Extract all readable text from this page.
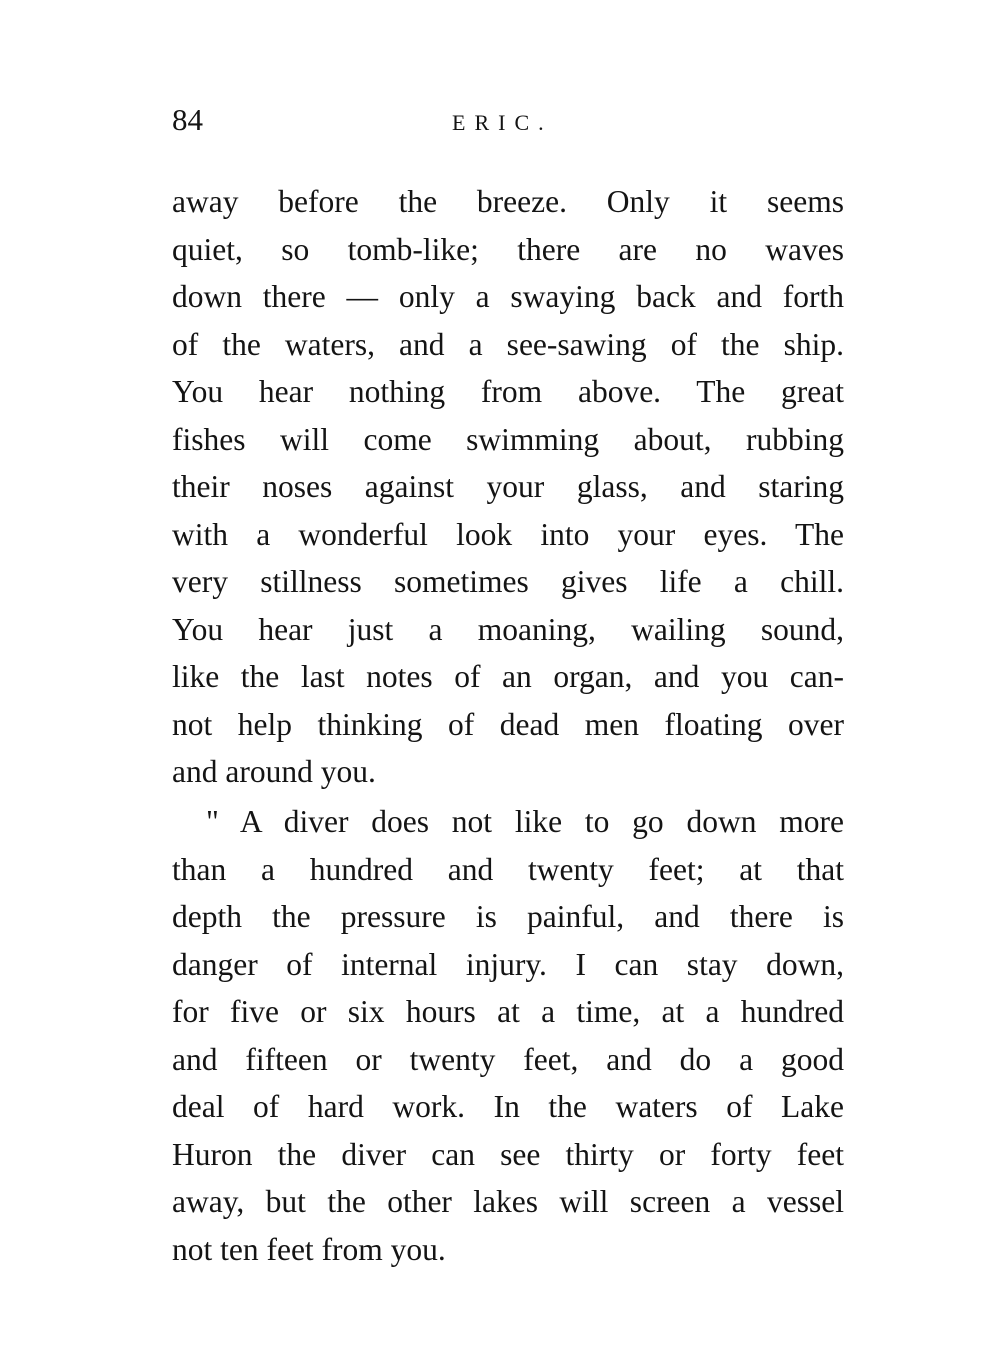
84	ERIC.
away before the breeze. Only it seems
quiet, so tomb-like; there are no waves
down there — only a swaying back and forth
of the waters, and a see-sawing of the ship.
You hear nothing from above. The great
fishes will come swimming about, rubbing
their noses against your glass, and staring
with a wonderful look into your eyes. The
very stillness sometimes gives life a chill.
You hear just a moaning, wailing sound,
like the last notes of an organ, and you can-
not help thinking of dead men floating over
and around you.
" A diver does not like to go down more
than a hundred and twenty feet; at that
depth the pressure is painful, and there is
danger of internal injury. I can stay down,
for five or six hours at a time, at a hundred
and fifteen or twenty feet, and do a good
deal of hard work. In the waters of Lake
Huron the diver can see thirty or forty feet
away, but the other lakes will screen a vessel
not ten feet from you.
